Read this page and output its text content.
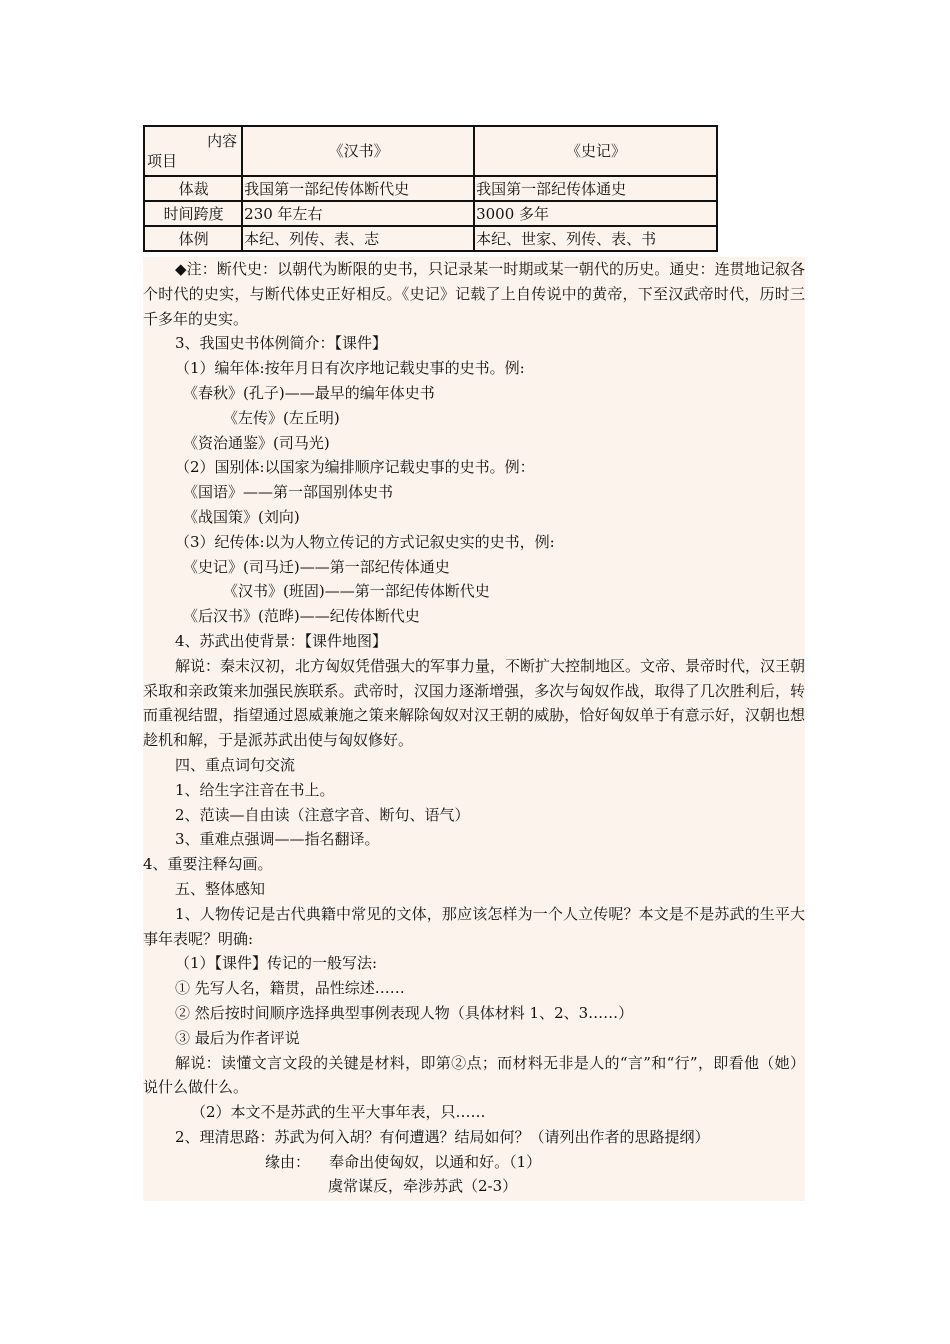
内容
项目	《汉书》	《史记》
体裁	我国第一部纪传体断代史	我国第一部纪传体通史
时间跨度	230 年左右	3000 多年
体例	本纪、列传、表、志	本纪、世家、列传、表、书

◆注：断代史：以朝代为断限的史书，只记录某一时期或某一朝代的历史。通史：连贯地记叙各个时代的史实，与断代体史正好相反。《史记》记载了上自传说中的黄帝，下至汉武帝时代，历时三千多年的史实。

3、我国史书体例简介：【课件】

（1）编年体:按年月日有次序地记载史事的史书。例:

《春秋》(孔子)——最早的编年体史书

《左传》(左丘明)

《资治通鉴》(司马光)

（2）国别体:以国家为编排顺序记载史事的史书。例：

《国语》——第一部国别体史书

《战国策》(刘向)

（3）纪传体:以为人物立传记的方式记叙史实的史书，例:

《史记》(司马迁)——第一部纪传体通史

《汉书》(班固)——第一部纪传体断代史

《后汉书》(范晔)——纪传体断代史

4、苏武出使背景：【课件地图】

解说：秦末汉初，北方匈奴凭借强大的军事力量，不断扩大控制地区。文帝、景帝时代，汉王朝采取和亲政策来加强民族联系。武帝时，汉国力逐渐增强，多次与匈奴作战，取得了几次胜利后，转而重视结盟，指望通过恩威兼施之策来解除匈奴对汉王朝的威胁，恰好匈奴单于有意示好，汉朝也想趁机和解，于是派苏武出使与匈奴修好。

四、重点词句交流

1、给生字注音在书上。

2、范读—自由读（注意字音、断句、语气）

3、重难点强调——指名翻译。

4、重要注释勾画。

五、整体感知

1、人物传记是古代典籍中常见的文体，那应该怎样为一个人立传呢？本文是不是苏武的生平大事年表呢？明确:

（1）【课件】传记的一般写法:

① 先写人名，籍贯，品性综述……

② 然后按时间顺序选择典型事例表现人物（具体材料 1、2、3……）

③ 最后为作者评说

解说：读懂文言文段的关键是材料，即第②点；而材料无非是人的“言”和“行”，即看他（她）说什么做什么。

（2）本文不是苏武的生平大事年表，只……

2、理清思路：苏武为何入胡？有何遭遇？结局如何？（请列出作者的思路提纲）

缘由：    奉命出使匈奴，以通和好。（1）

虞常谋反，牵涉苏武（2-3）
